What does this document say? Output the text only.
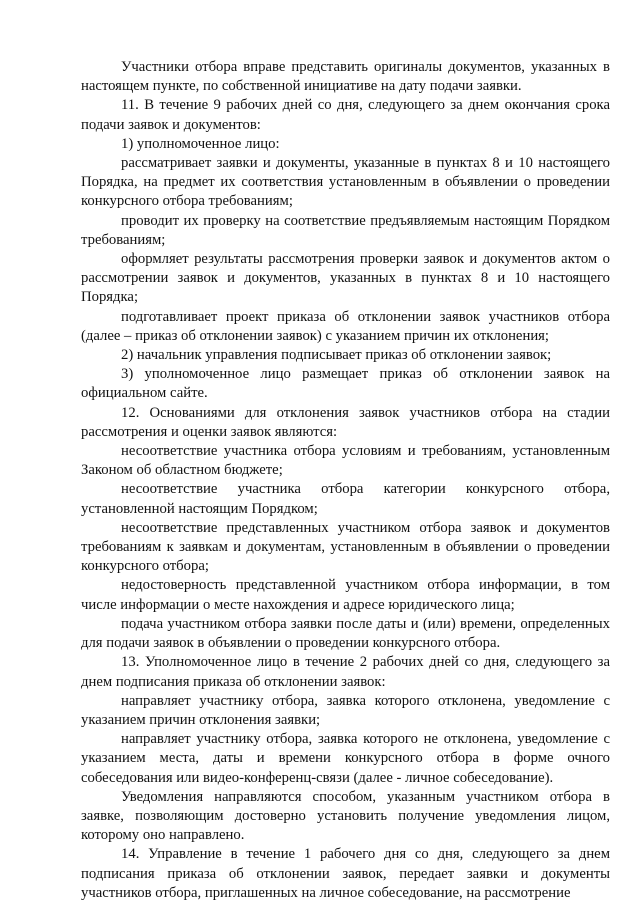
Участники отбора вправе представить оригиналы документов, указанных в настоящем пункте, по собственной инициативе на дату подачи заявки.

11. В течение 9 рабочих дней со дня, следующего за днем окончания срока подачи заявок и документов:

1) уполномоченное лицо:

рассматривает заявки и документы, указанные в пунктах 8 и 10 настоящего Порядка, на предмет их соответствия установленным в объявлении о проведении конкурсного отбора требованиям;

проводит их проверку на соответствие предъявляемым настоящим Порядком требованиям;

оформляет результаты рассмотрения проверки заявок и документов актом о рассмотрении заявок и документов, указанных в пунктах 8 и 10 настоящего Порядка;

подготавливает проект приказа об отклонении заявок участников отбора (далее – приказ об отклонении заявок) с указанием причин их отклонения;

2) начальник управления подписывает приказ об отклонении заявок;

3) уполномоченное лицо размещает приказ об отклонении заявок на официальном сайте.

12. Основаниями для отклонения заявок участников отбора на стадии рассмотрения и оценки заявок являются:

несоответствие участника отбора условиям и требованиям, установленным Законом об областном бюджете;

несоответствие участника отбора категории конкурсного отбора, установленной настоящим Порядком;

несоответствие представленных участником отбора заявок и документов требованиям к заявкам и документам, установленным в объявлении о проведении конкурсного отбора;

недостоверность представленной участником отбора информации, в том числе информации о месте нахождения и адресе юридического лица;

подача участником отбора заявки после даты и (или) времени, определенных для подачи заявок в объявлении о проведении конкурсного отбора.

13. Уполномоченное лицо в течение 2 рабочих дней со дня, следующего за днем подписания приказа об отклонении заявок:

направляет участнику отбора, заявка которого отклонена, уведомление с указанием причин отклонения заявки;

направляет участнику отбора, заявка которого не отклонена, уведомление с указанием места, даты и времени конкурсного отбора в форме очного собеседования или видео-конференц-связи (далее - личное собеседование).

Уведомления направляются способом, указанным участником отбора в заявке, позволяющим достоверно установить получение уведомления лицом, которому оно направлено.

14. Управление в течение 1 рабочего дня со дня, следующего за днем подписания приказа об отклонении заявок, передает заявки и документы участников отбора, приглашенных на личное собеседование, на рассмотрение
